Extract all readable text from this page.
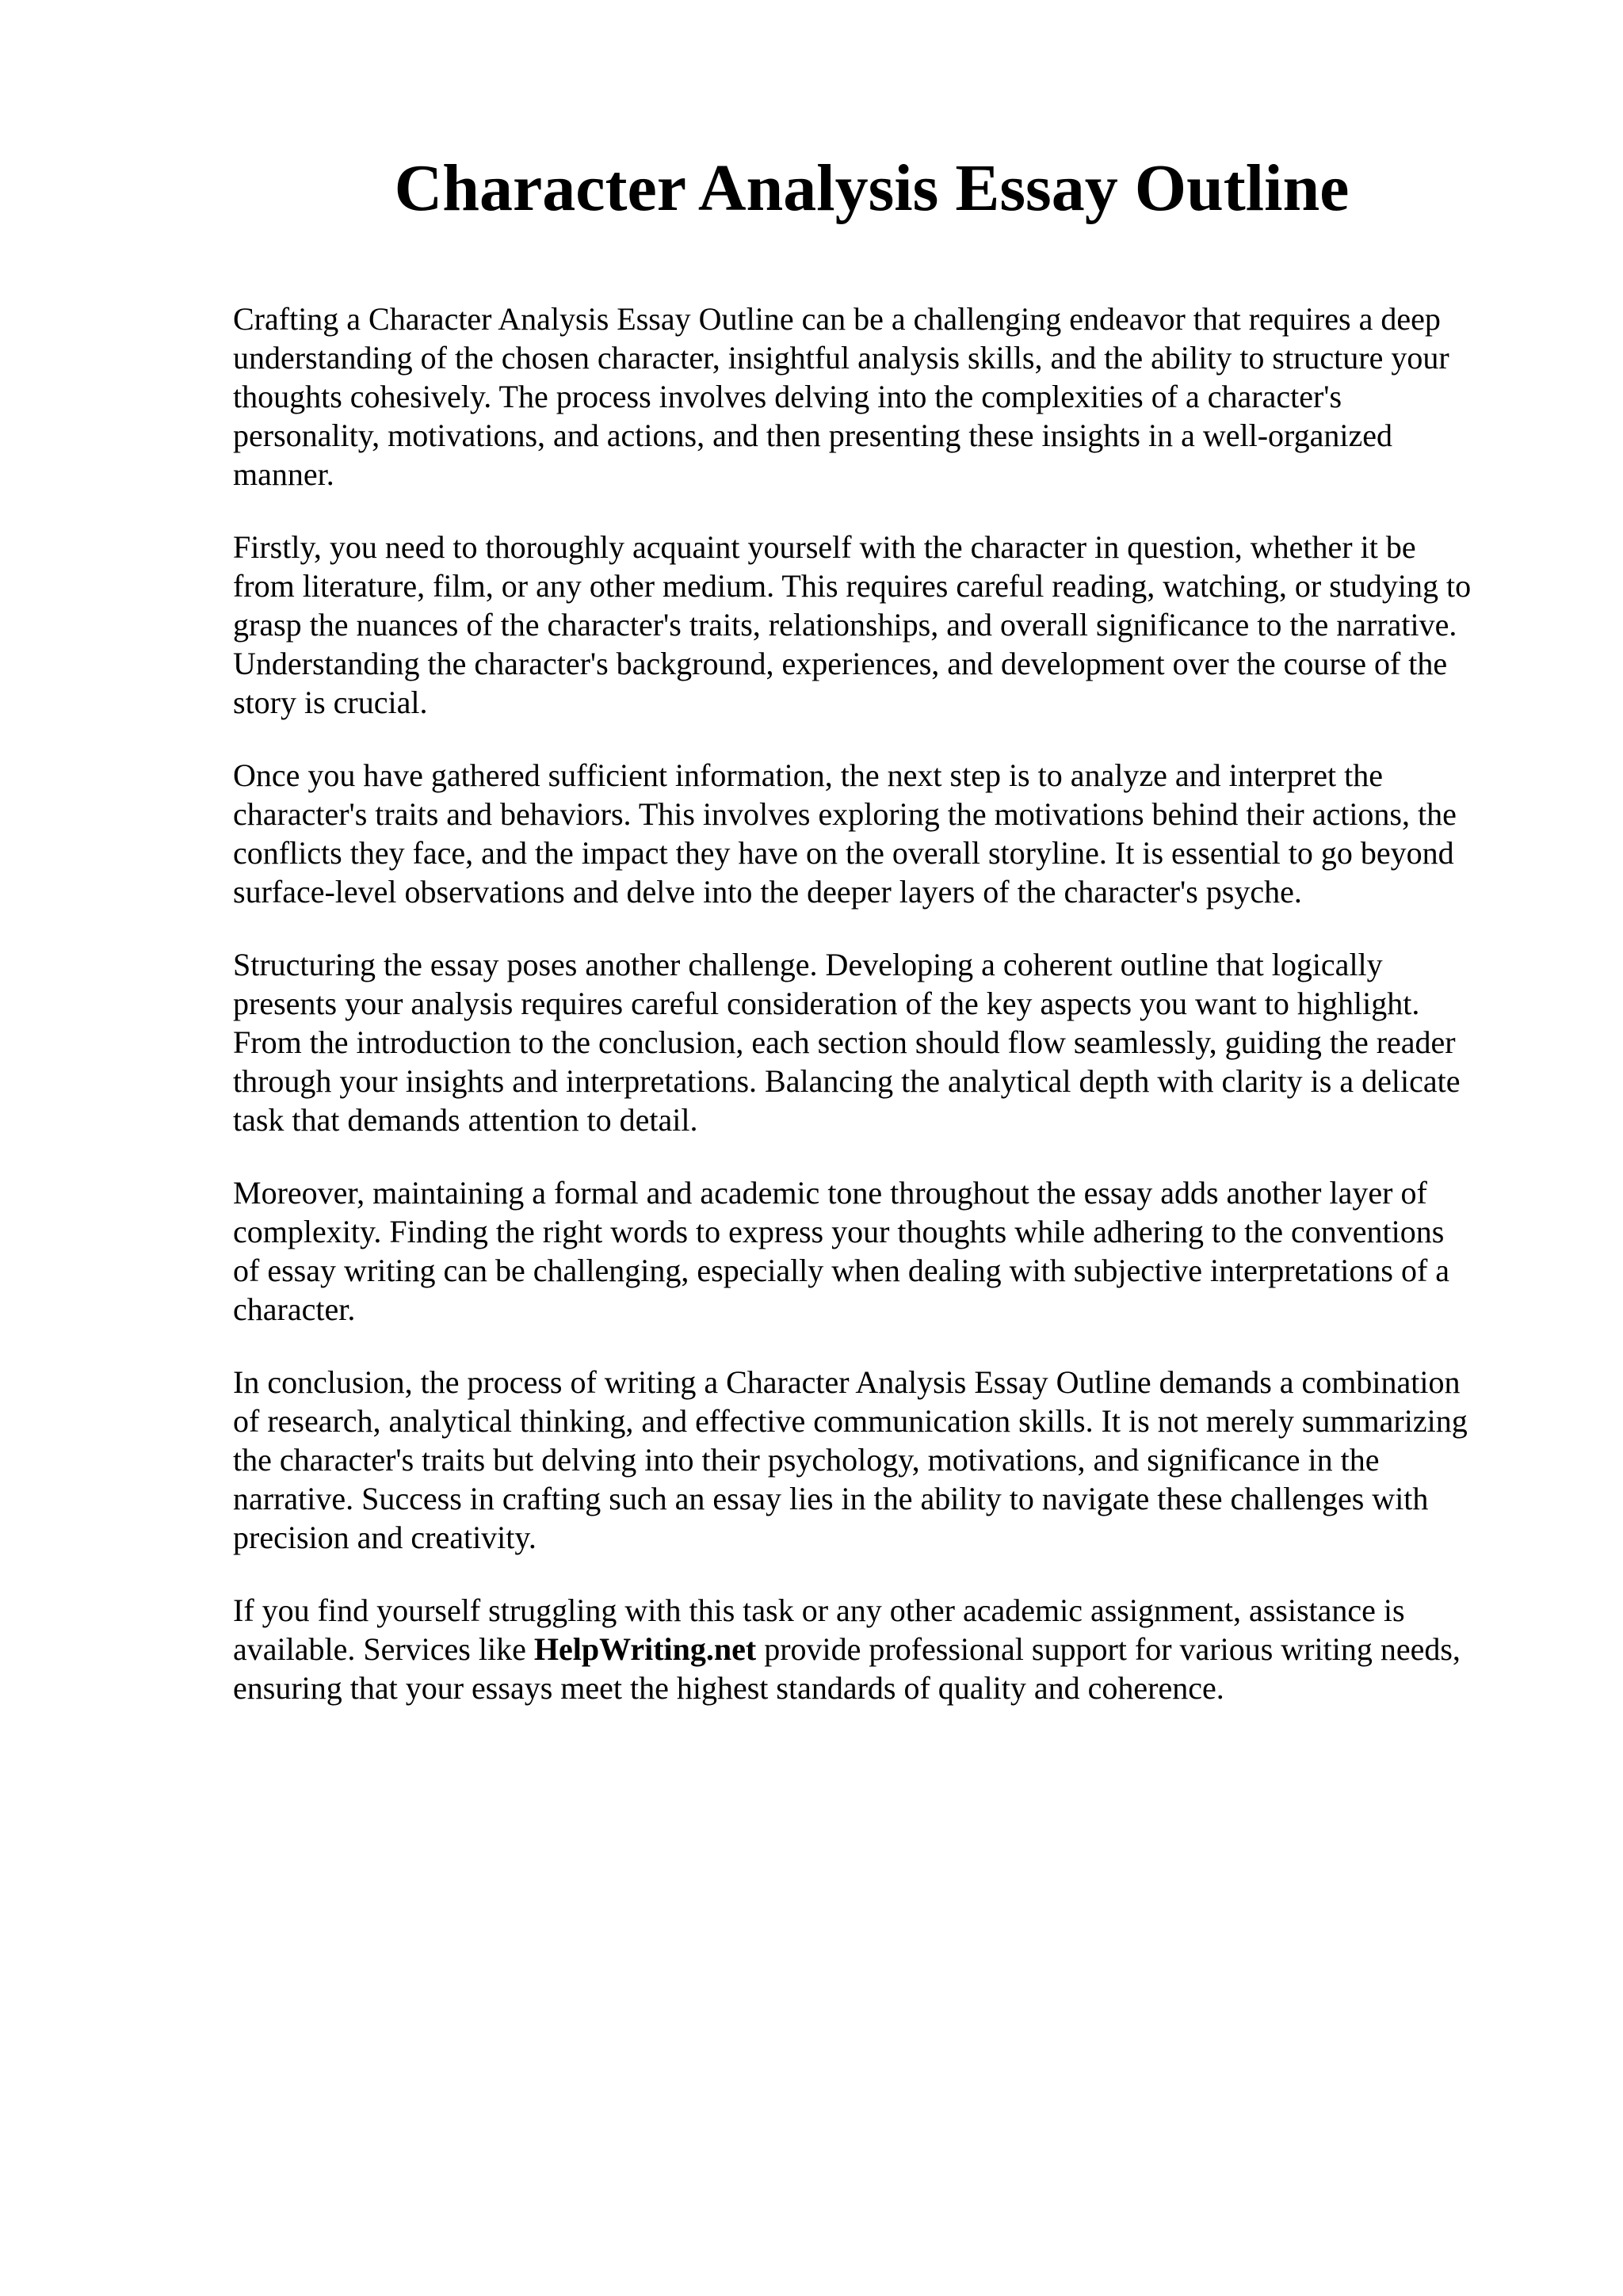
Character Analysis Essay Outline

Crafting a Character Analysis Essay Outline can be a challenging endeavor that requires a deep
understanding of the chosen character, insightful analysis skills, and the ability to structure your
thoughts cohesively. The process involves delving into the complexities of a character's
personality, motivations, and actions, and then presenting these insights in a well-organized
manner.

Firstly, you need to thoroughly acquaint yourself with the character in question, whether it be
from literature, film, or any other medium. This requires careful reading, watching, or studying to
grasp the nuances of the character's traits, relationships, and overall significance to the narrative.
Understanding the character's background, experiences, and development over the course of the
story is crucial.

Once you have gathered sufficient information, the next step is to analyze and interpret the
character's traits and behaviors. This involves exploring the motivations behind their actions, the
conflicts they face, and the impact they have on the overall storyline. It is essential to go beyond
surface-level observations and delve into the deeper layers of the character's psyche.

Structuring the essay poses another challenge. Developing a coherent outline that logically
presents your analysis requires careful consideration of the key aspects you want to highlight.
From the introduction to the conclusion, each section should flow seamlessly, guiding the reader
through your insights and interpretations. Balancing the analytical depth with clarity is a delicate
task that demands attention to detail.

Moreover, maintaining a formal and academic tone throughout the essay adds another layer of
complexity. Finding the right words to express your thoughts while adhering to the conventions
of essay writing can be challenging, especially when dealing with subjective interpretations of a
character.

In conclusion, the process of writing a Character Analysis Essay Outline demands a combination
of research, analytical thinking, and effective communication skills. It is not merely summarizing
the character's traits but delving into their psychology, motivations, and significance in the
narrative. Success in crafting such an essay lies in the ability to navigate these challenges with
precision and creativity.

If you find yourself struggling with this task or any other academic assignment, assistance is
available. Services like HelpWriting.net provide professional support for various writing needs,
ensuring that your essays meet the highest standards of quality and coherence.
